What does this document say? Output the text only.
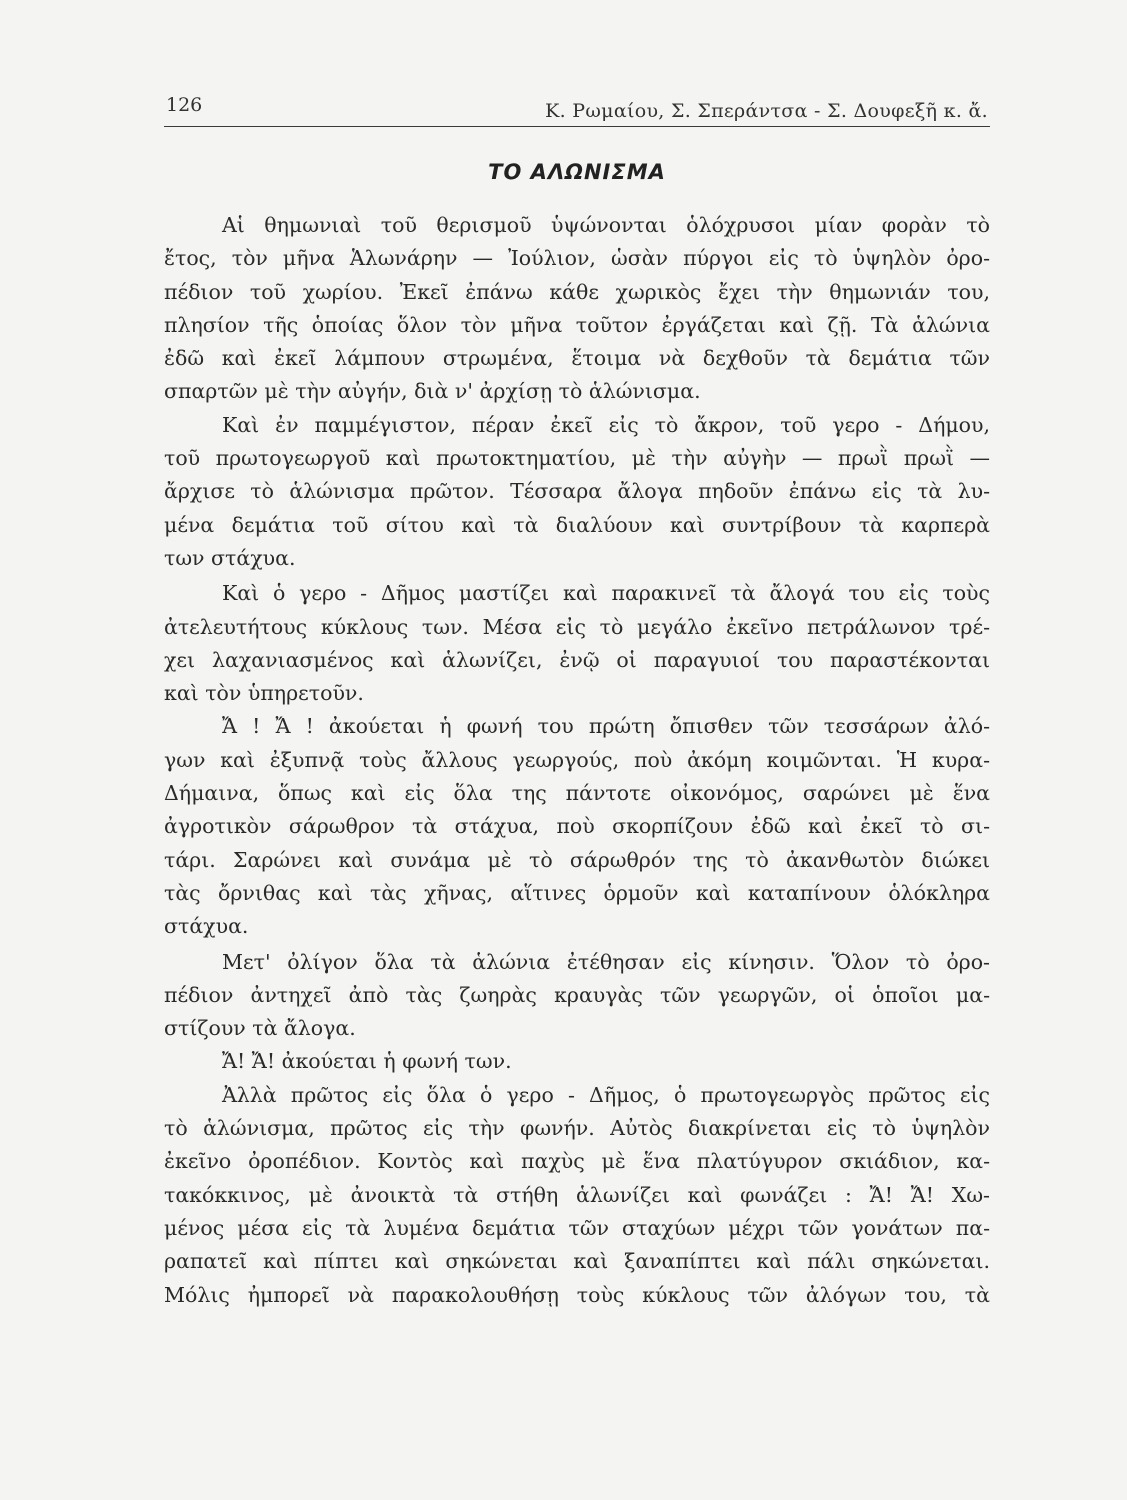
126	Κ. Ρωμαίου, Σ. Σπεράντσα - Σ. Δουφεξῆ κ. ἄ.
ΤΟ ΑΛΩΝΙΣΜΑ
Αἱ θημωνιαὶ τοῦ θερισμοῦ ὑψώνονται ὁλόχρυσοι μίαν φορὰν τὸ
ἔτος, τὸν μῆνα Ἁλωνάρην — Ἰούλιον, ὡσὰν πύργοι εἰς τὸ ὑψηλὸν ὀρο-
πέδιον τοῦ χωρίου. Ἐκεῖ ἐπάνω κάθε χωρικὸς ἔχει τὴν θημωνιάν του,
πλησίον τῆς ὁποίας ὅλον τὸν μῆνα τοῦτον ἐργάζεται καὶ ζῇ. Τὰ ἁλώνια
ἐδῶ καὶ ἐκεῖ λάμπουν στρωμένα, ἕτοιμα νὰ δεχθοῦν τὰ δεμάτια τῶν
σπαρτῶν μὲ τὴν αὐγήν, διὰ ν' ἀρχίσῃ τὸ ἁλώνισμα.
Καὶ ἐν παμμέγιστον, πέραν ἐκεῖ εἰς τὸ ἄκρον, τοῦ γερο - Δήμου,
τοῦ πρωτογεωργοῦ καὶ πρωτοκτηματίου, μὲ τὴν αὐγὴν — πρωῒ πρωῒ —
ἄρχισε τὸ ἁλώνισμα πρῶτον. Τέσσαρα ἄλογα πηδοῦν ἐπάνω εἰς τὰ λυ-
μένα δεμάτια τοῦ σίτου καὶ τὰ διαλύουν καὶ συντρίβουν τὰ καρπερὰ
των στάχυα.
Καὶ ὁ γερο - Δῆμος μαστίζει καὶ παρακινεῖ τὰ ἄλογά του εἰς τοὺς
ἀτελευτήτους κύκλους των. Μέσα εἰς τὸ μεγάλο ἐκεῖνο πετράλωνον τρέ-
χει λαχανιασμένος καὶ ἁλωνίζει, ἐνῷ οἱ παραγυιοί του παραστέκονται
καὶ τὸν ὑπηρετοῦν.
Ἄ ! Ἄ ! ἀκούεται ἡ φωνή του πρώτη ὄπισθεν τῶν τεσσάρων ἀλό-
γων καὶ ἐξυπνᾷ τοὺς ἄλλους γεωργούς, ποὺ ἀκόμη κοιμῶνται. Ἡ κυρα-
Δήμαινα, ὅπως καὶ εἰς ὅλα της πάντοτε οἰκονόμος, σαρώνει μὲ ἕνα
ἀγροτικὸν σάρωθρον τὰ στάχυα, ποὺ σκορπίζουν ἐδῶ καὶ ἐκεῖ τὸ σι-
τάρι. Σαρώνει καὶ συνάμα μὲ τὸ σάρωθρόν της τὸ ἀκανθωτὸν διώκει
τὰς ὄρνιθας καὶ τὰς χῆνας, αἵτινες ὁρμοῦν καὶ καταπίνουν ὁλόκληρα
στάχυα.
Μετ' ὀλίγον ὅλα τὰ ἁλώνια ἐτέθησαν εἰς κίνησιν. Ὅλον τὸ ὀρο-
πέδιον ἀντηχεῖ ἀπὸ τὰς ζωηρὰς κραυγὰς τῶν γεωργῶν, οἱ ὁποῖοι μα-
στίζουν τὰ ἄλογα.
Ἄ! Ἄ! ἀκούεται ἡ φωνή των.
Ἀλλὰ πρῶτος εἰς ὅλα ὁ γερο - Δῆμος, ὁ πρωτογεωργὸς πρῶτος εἰς
τὸ ἁλώνισμα, πρῶτος εἰς τὴν φωνήν. Αὐτὸς διακρίνεται εἰς τὸ ὑψηλὸν
ἐκεῖνο ὀροπέδιον. Κοντὸς καὶ παχὺς μὲ ἕνα πλατύγυρον σκιάδιον, κα-
τακόκκινος, μὲ ἀνοικτὰ τὰ στήθη ἁλωνίζει καὶ φωνάζει : Ἄ! Ἄ! Χω-
μένος μέσα εἰς τὰ λυμένα δεμάτια τῶν σταχύων μέχρι τῶν γονάτων πα-
ραπατεῖ καὶ πίπτει καὶ σηκώνεται καὶ ξαναπίπτει καὶ πάλι σηκώνεται.
Μόλις ἠμπορεῖ νὰ παρακολουθήσῃ τοὺς κύκλους τῶν ἀλόγων του, τὰ
